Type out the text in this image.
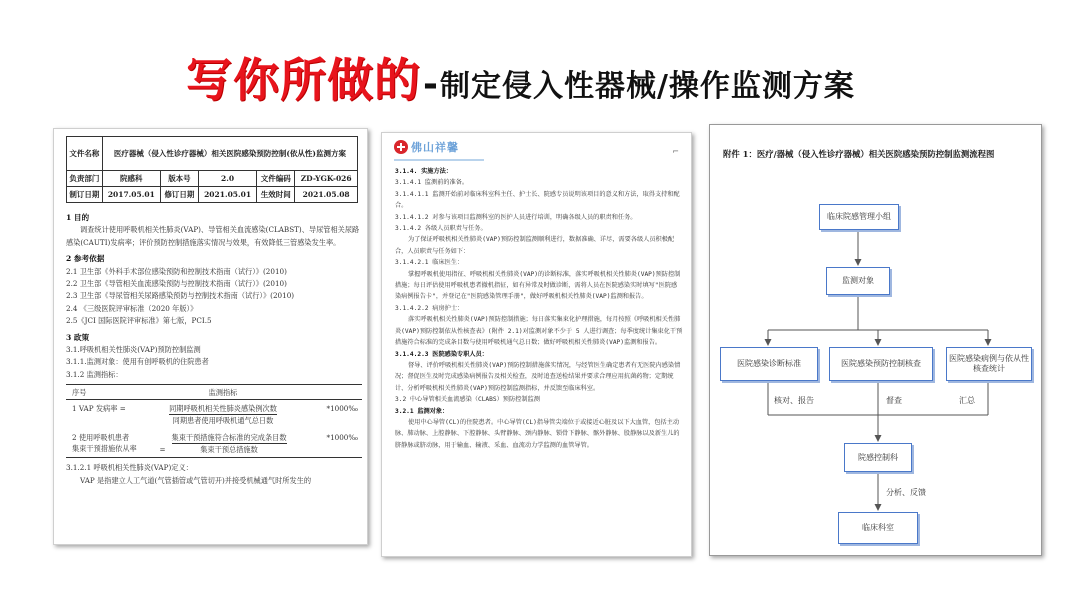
写你所做的 - 制定侵入性器械/操作监测方案
文件名称	医疗器械（侵入性诊疗器械）相关医院感染预防控制(依从性)监测方案				
负责部门	院感科	版本号	2.0	文件编码	ZD-YGK-026
制订日期	2017.05.01	修订日期	2021.05.01	生效时间	2021.05.08
1 目的
调查统计使用呼吸机相关性肺炎(VAP)、导管相关血流感染(CLABST)、导尿管相关尿路感染(CAUTI)发病率；评价预防控制措施落实情况与效果，有效降低三管感染发生率。
2 参考依据
2.1 卫生部《外科手术部位感染预防和控制技术指南（试行）》(2010)
2.2 卫生部《导管相关血流感染预防与控制技术指南（试行）》(2010)
2.3 卫生部《导尿管相关尿路感染预防与控制技术指南（试行）》(2010)
2.4 《三级医院评审标准（2020 年版）》
2.5《JCI 国际医院评审标准》第七版，PCI.5
3 政策
3.1.呼吸机相关性肺炎(VAP)预防控制监测
3.1.1.监测对象：使用有创呼吸机的住院患者
3.1.2 监测指标：
序号	监测指标
1 VAP 发病率 =	$\frac{\text{同期呼吸机相关性肺炎感染例次数}}{\text{同期患者使用呼吸机通气总日数}}$	*1000‰
2 使用呼吸机患者
集束干预措施依从率	= $\frac{\text{集束干预措施符合标准的完成条目数}}{\text{集束干预总措施数}}$	*1000‰
3.1.2.1 呼吸机相关性肺炎(VAP)定义：
VAP 是指建立人工气道(气管插管或气管切开)并接受机械通气时所发生的
佛山祥馨	⌐
3.1.4. 实施方法：
3.1.4.1 监测前的准备。
3.1.4.1.1 监测开始前对临床科室科主任、护士长、院感专员说明该项目的意义和方法，取得支持和配合。
3.1.4.1.2 对参与该项目监测科室的医护人员进行培训，明确各级人员的职责和任务。
3.1.4.2 各级人员职责与任务。
为了保证呼吸机相关性肺炎(VAP)预防控制监测顺利进行，数据准确、详尽，需要各级人员积极配合，人员职责与任务如下：
3.1.4.2.1 临床医生：
掌握呼吸机使用指征、呼吸机相关性肺炎(VAP)的诊断标准，落实呼吸机相关性肺炎(VAP)预防控制措施；每日评估使用呼吸机患者撤机指征，如有异常及时做诊断，需将人员在医院感染实时填写"医院感染病例报告卡"，并登记在"医院感染管理手册"，做好呼吸机相关性肺炎(VAP)监测和报告。
3.1.4.2.2 病房护士：
落实呼吸机相关性肺炎(VAP)预防控制措施；每日落实集束化护理措施，每月按照《呼吸机相关性肺炎(VAP)预防控制依从性核查表》(附件 2.1)对监测对象不少于 5 人进行调查；每季度统计集束化干预措施符合标准的完成条目数与使用呼吸机通气总日数；做好呼吸机相关性肺炎(VAP)监测和报告。
3.1.4.2.3 医院感染专职人员：
督导、评价呼吸机相关性肺炎(VAP)预防控制措施落实情况，与经管医生确定患者有无医院内感染情况；督促医生及时完成感染病例报告及相关检查，及时追查送检结果并要求合理应用抗菌药物；定期统计、分析呼吸机相关性肺炎(VAP)预防控制监测指标，并反馈至临床科室。
3.2 中心导管相关血流感染（CLABS）预防控制监测
3.2.1 监测对象：
使用中心导管(CL)的住院患者。中心导管(CL)指导管尖端位于或接近心脏及以下大血管，包括主动脉、肺动脉、上腔静脉、下腔静脉、头臂静脉、颈内静脉、锁骨下静脉、髂外静脉、股静脉以及新生儿的脐静脉或脐动脉，用于输血、输液、采血、血流动力学监测的血管导管。
附件 1：医疗/器械（侵入性诊疗器械）相关医院感染预防控制监测流程图
临床院感管理小组
监测对象
医院感染诊断标准	医院感染预防控制核查
医院感染病例与依从性核查统计
院感控制科
临床科室
核对、报告	督查	汇总
分析、反馈
